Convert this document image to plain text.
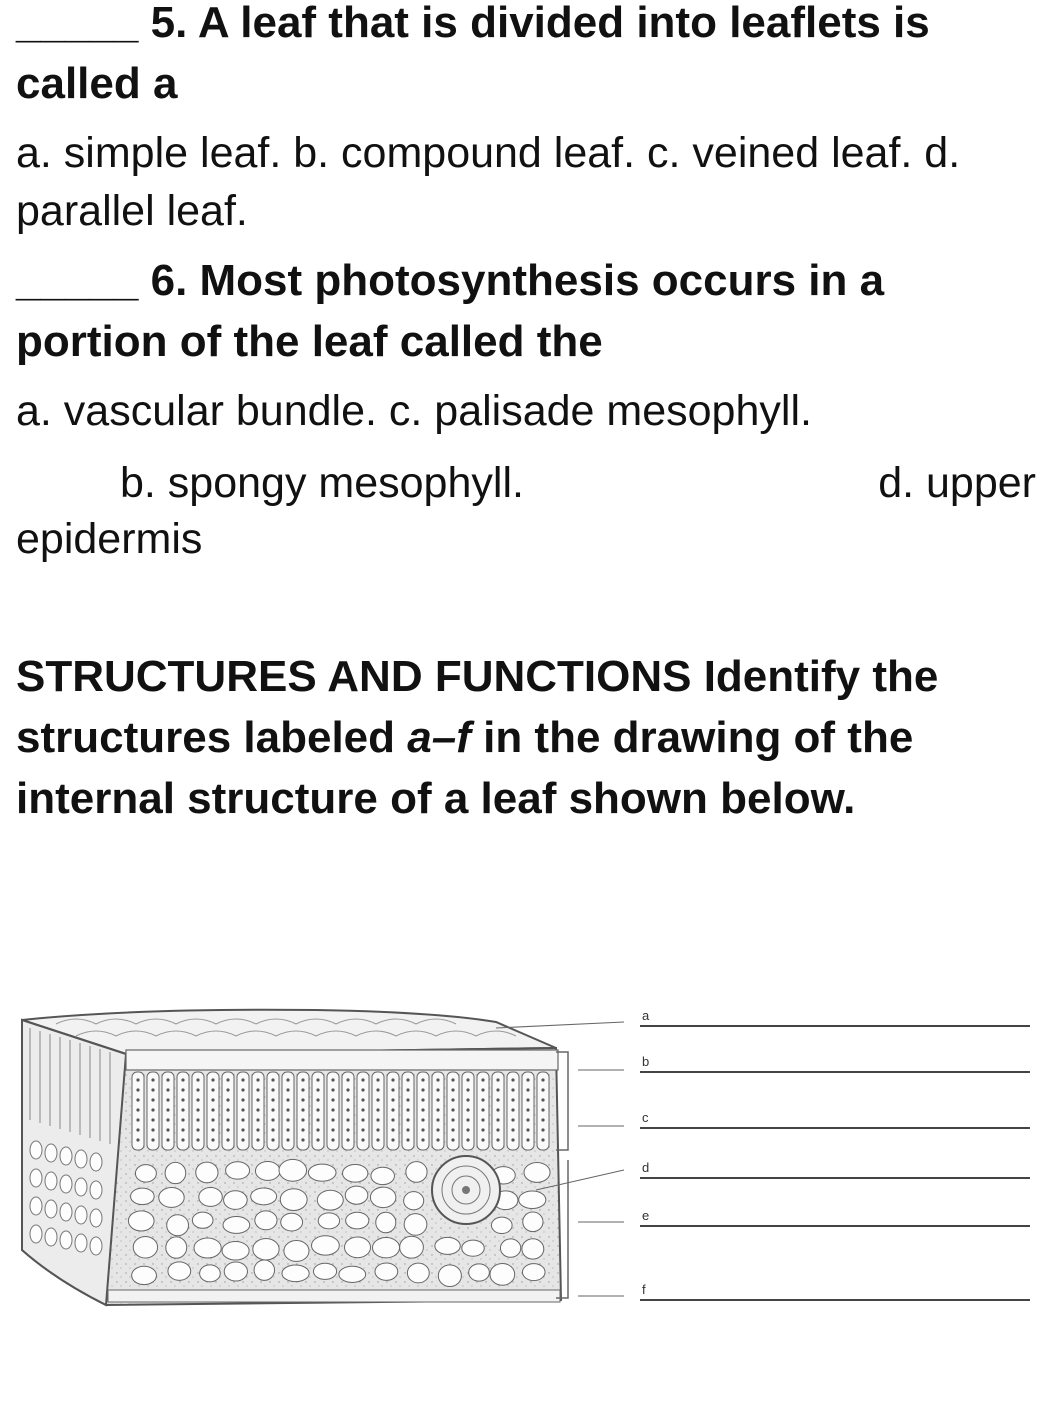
_____ 5. A leaf that is divided into leaflets is called a

a. simple leaf. b. compound leaf. c. veined leaf. d. parallel leaf.

_____ 6. Most photosynthesis occurs in a portion of the leaf called the

a. vascular bundle. c. palisade mesophyll.

b. spongy mesophyll.	d. upper

epidermis

STRUCTURES AND FUNCTIONS Identify the structures labeled a–f in the drawing of the internal structure of a leaf shown below.

a
b
c
d
e
f
